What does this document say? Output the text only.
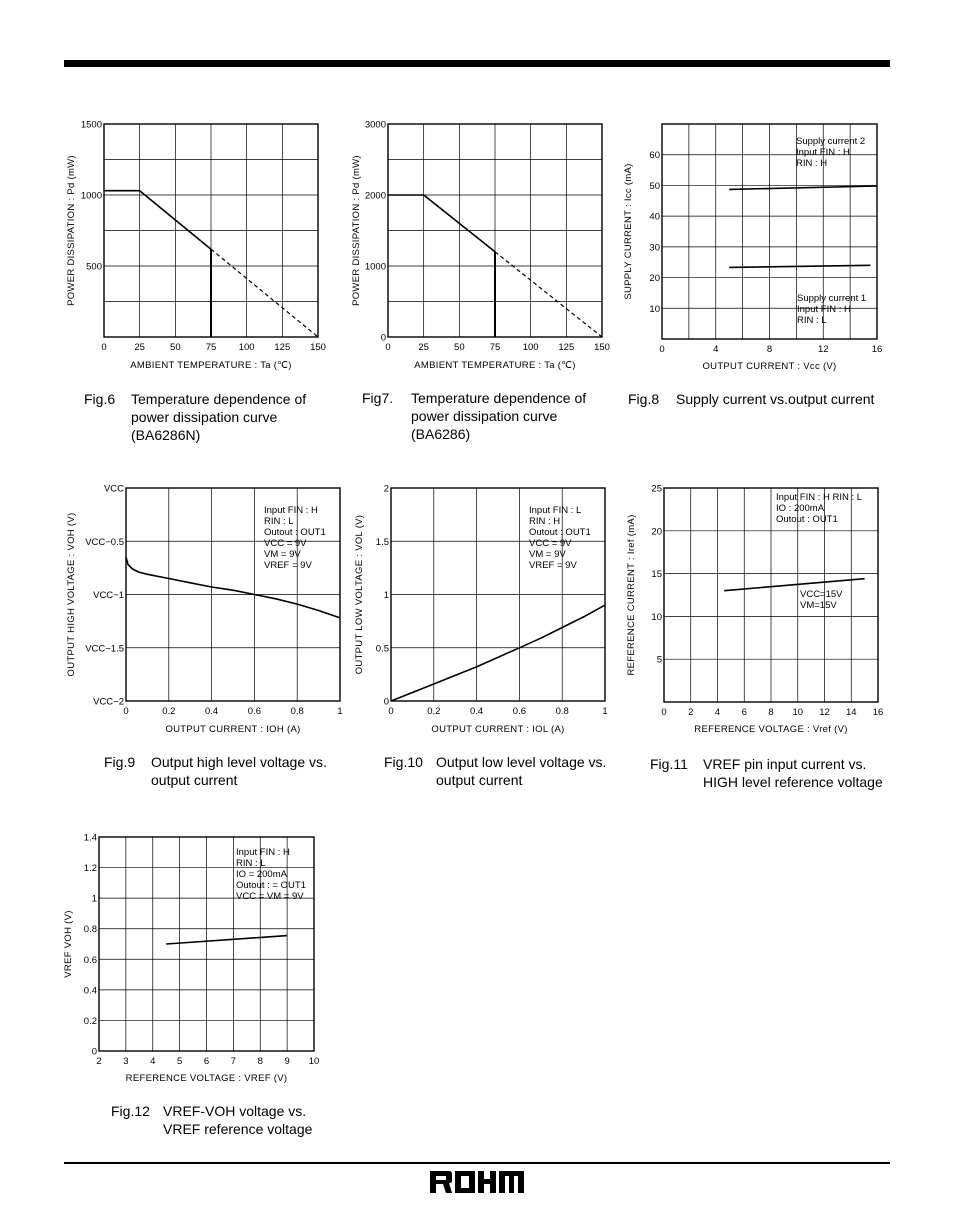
0	25	50	75 100 125 150
500
1000
1500
AMBIENT TEMPERATURE : Ta (℃)
POWER DISSIPATION : Pd (mW)
0	25	50	75 100 125 150
0
1000
2000
3000
AMBIENT TEMPERATURE : Ta (℃)
POWER DISSIPATION : Pd (mW)
0	4	8	12	16
10
20
30
40
50
60
OUTPUT CURRENT : Vcc (V)
SUPPLY CURRENT : Icc (mA)
Supply current 2 Input FIN : H RIN : H
Supply current 1 Input FIN : H RIN : L
0	0.2	0.4	0.6	0.8	1
VCC
VCC−0.5
VCC−1
VCC−1.5
VCC−2
OUTPUT CURRENT : IOH (A)
OUTPUT HIGH VOLTAGE : VOH (V)
Input FIN : H RIN : L Outout : OUT1 VCC = 9V VM = 9V VREF = 9V
0	0.2	0.4	0.6	0.8	1
0
0.5
1
1.5
2
OUTPUT CURRENT : IOL (A)
OUTPUT LOW VOLTAGE : VOL (V)
Input FIN : L RIN : H Outout : OUT1 VCC = 9V VM = 9V VREF = 9V
0 2 4 6 8 10 12 14 16
5
10
15
20
25
REFERENCE VOLTAGE : Vref (V)
REFERENCE CURRENT : Iref (mA)
Input FIN : H RIN : L IO : 200mA Outout : OUT1
VCC=15V VM=15V
2 3 4 5 6 7 8 9 10
0
0.2
0.4
0.6
0.8
1
1.2
1.4
REFERENCE VOLTAGE : VREF (V)
VREF VOH (V)
Input FIN : H RIN : L IO = 200mA Outout : = OUT1 VCC = VM = 9V
Fig.6 Temperature dependence of
power dissipation curve
(BA6286N)
Fig7. Temperature dependence of
power dissipation curve
(BA6286)
Fig.8 Supply current vs.output current
Fig.9 Output high level voltage vs.
output current
Fig.10 Output low level voltage vs.
output current
Fig.11 VREF pin input current vs.
HIGH level reference voltage
Fig.12 VREF-VOH voltage vs.
VREF reference voltage
